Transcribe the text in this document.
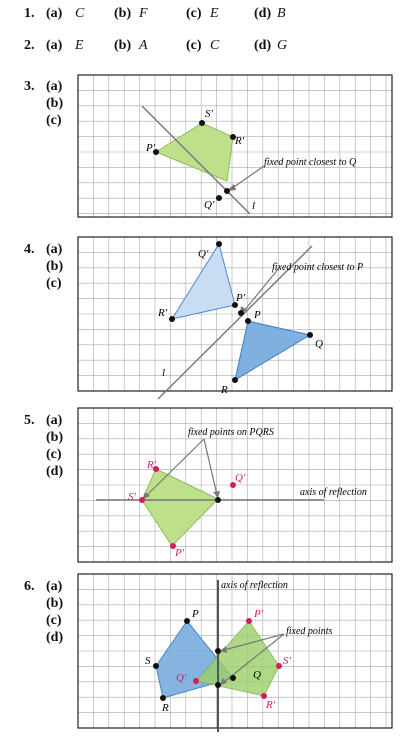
1. (a) C (b) F	(c) E	(d) B
2. (a) E (b) A	(c) C (d) G
3. (a)
(b)
(c)	S′
R′
P′
Q′
fixed point closest to Q
l
4. (a)
(b)
(c)
Q′
P′
R′	P
Q
R
fixed point closest to P
l
5. (a)
(b)
(c)
(d)	R′
Q′
S′
P′
fixed points on PQRS
axis of reflection
6. (a)
(b)
(c)
(d)
P	P′
S	S′
Q′	Q
R	R′
fixed points
axis of reflection
